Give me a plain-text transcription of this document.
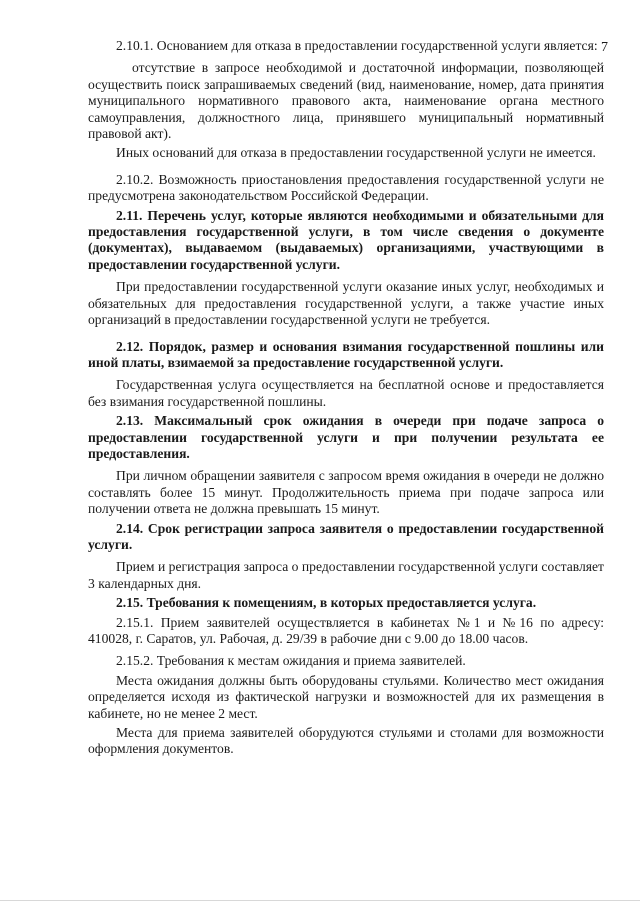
7

2.10.1. Основанием для отказа в предоставлении государственной услуги является:

отсутствие в запросе необходимой и достаточной информации, позволяющей осуществить поиск запрашиваемых сведений (вид, наименование, номер, дата принятия муниципального нормативного правового акта, наименование органа местного самоуправления, должностного лица, принявшего муниципальный нормативный правовой акт).

Иных оснований для отказа в предоставлении государственной услуги не имеется.

2.10.2. Возможность приостановления предоставления государственной услуги не предусмотрена законодательством Российской Федерации.

2.11. Перечень услуг, которые являются необходимыми и обязательными для предоставления государственной услуги, в том числе сведения о документе (документах), выдаваемом (выдаваемых) организациями, участвующими в предоставлении государственной услуги.

При предоставлении государственной услуги оказание иных услуг, необходимых и обязательных для предоставления государственной услуги, а также участие иных организаций в предоставлении государственной услуги не требуется.

2.12. Порядок, размер и основания взимания государственной пошлины или иной платы, взимаемой за предоставление государственной услуги.

Государственная услуга осуществляется на бесплатной основе и предоставляется без взимания государственной пошлины.

2.13. Максимальный срок ожидания в очереди при подаче запроса о предоставлении государственной услуги и при получении результата ее предоставления.

При личном обращении заявителя с запросом время ожидания в очереди не должно составлять более 15 минут. Продолжительность приема при подаче запроса или получении ответа не должна превышать 15 минут.

2.14. Срок регистрации запроса заявителя о предоставлении государственной услуги.

Прием и регистрация запроса о предоставлении государственной услуги составляет 3 календарных дня.

2.15. Требования к помещениям, в которых предоставляется услуга.

2.15.1. Прием заявителей осуществляется в кабинетах №1 и №16 по адресу: 410028, г. Саратов, ул. Рабочая, д. 29/39 в рабочие дни с 9.00 до 18.00 часов.

2.15.2. Требования к местам ожидания и приема заявителей.

Места ожидания должны быть оборудованы стульями. Количество мест ожидания определяется исходя из фактической нагрузки и возможностей для их размещения в кабинете, но не менее 2 мест.

Места для приема заявителей оборудуются стульями и столами для возможности оформления документов.
